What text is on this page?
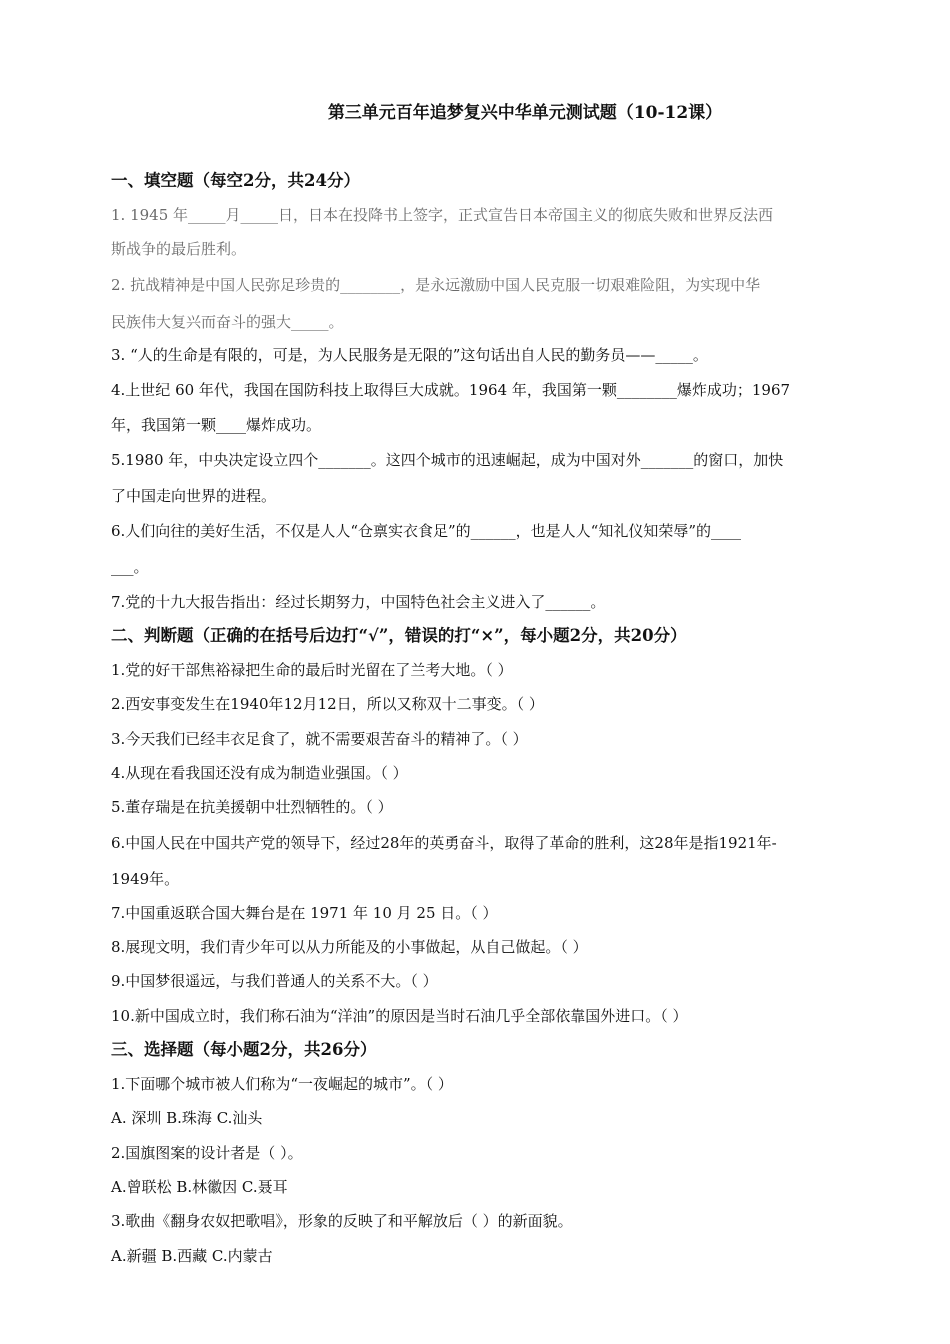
第三单元百年追梦复兴中华单元测试题（10-12课）
一、填空题（每空2分，共24分）
1. 1945 年_____月_____日，日本在投降书上签字，正式宣告日本帝国主义的彻底失败和世界反法西
斯战争的最后胜利。
2. 抗战精神是中国人民弥足珍贵的________，是永远激励中国人民克服一切艰难险阻，为实现中华
民族伟大复兴而奋斗的强大_____。
3. “人的生命是有限的，可是，为人民服务是无限的”这句话出自人民的勤务员——_____。
4.上世纪 60 年代，我国在国防科技上取得巨大成就。1964 年，我国第一颗________爆炸成功；1967
年，我国第一颗____爆炸成功。
5.1980 年，中央决定设立四个_______。这四个城市的迅速崛起，成为中国对外_______的窗口，加快
了中国走向世界的进程。
6.人们向往的美好生活，不仅是人人“仓禀实衣食足”的______，也是人人“知礼仪知荣辱”的____
___。
7.党的十九大报告指出：经过长期努力，中国特色社会主义进入了______。
二、判断题（正确的在括号后边打“√”，错误的打“×”，每小题2分，共20分）
1.党的好干部焦裕禄把生命的最后时光留在了兰考大地。（ ）
2.西安事变发生在1940年12月12日，所以又称双十二事变。（ ）
3.今天我们已经丰衣足食了，就不需要艰苦奋斗的精神了。（ ）
4.从现在看我国还没有成为制造业强国。（ ）
5.董存瑞是在抗美援朝中壮烈牺牲的。（ ）
6.中国人民在中国共产党的领导下，经过28年的英勇奋斗，取得了革命的胜利，这28年是指1921年-
1949年。
7.中国重返联合国大舞台是在 1971 年 10 月 25 日。（ ）
8.展现文明，我们青少年可以从力所能及的小事做起，从自己做起。（ ）
9.中国梦很遥远，与我们普通人的关系不大。（ ）
10.新中国成立时，我们称石油为“洋油”的原因是当时石油几乎全部依靠国外进口。（ ）
三、选择题（每小题2分，共26分）
1.下面哪个城市被人们称为“一夜崛起的城市”。（ ）
A. 深圳 B.珠海 C.汕头
2.国旗图案的设计者是（ ）。
A.曾联松 B.林徽因 C.聂耳
3.歌曲《翻身农奴把歌唱》，形象的反映了和平解放后（ ）的新面貌。
A.新疆 B.西藏 C.内蒙古
